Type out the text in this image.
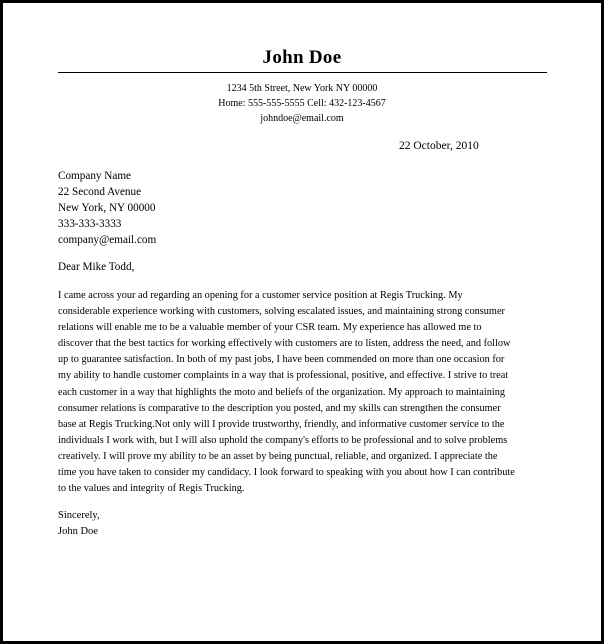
John Doe
1234 5th Street, New York NY 00000
Home: 555-555-5555 Cell: 432-123-4567
johndoe@email.com
22 October, 2010
Company Name
22 Second Avenue
New York, NY 00000
333-333-3333
company@email.com
Dear Mike Todd,
I came across your ad regarding an opening for a customer service position at Regis Trucking. My
considerable experience working with customers, solving escalated issues, and maintaining strong consumer
relations will enable me to be a valuable member of your CSR team. My experience has allowed me to
discover that the best tactics for working effectively with customers are to listen, address the need, and follow
up to guarantee satisfaction. In both of my past jobs, I have been commended on more than one occasion for
my ability to handle customer complaints in a way that is professional, positive, and effective. I strive to treat
each customer in a way that highlights the moto and beliefs of the organization. My approach to maintaining
consumer relations is comparative to the description you posted, and my skills can strengthen the consumer
base at Regis Trucking.Not only will I provide trustworthy, friendly, and informative customer service to the
individuals I work with, but I will also uphold the company's efforts to be professional and to solve problems
creatively. I will prove my ability to be an asset by being punctual, reliable, and organized. I appreciate the
time you have taken to consider my candidacy. I look forward to speaking with you about how I can contribute
to the values and integrity of Regis Trucking.
Sincerely,
John Doe
